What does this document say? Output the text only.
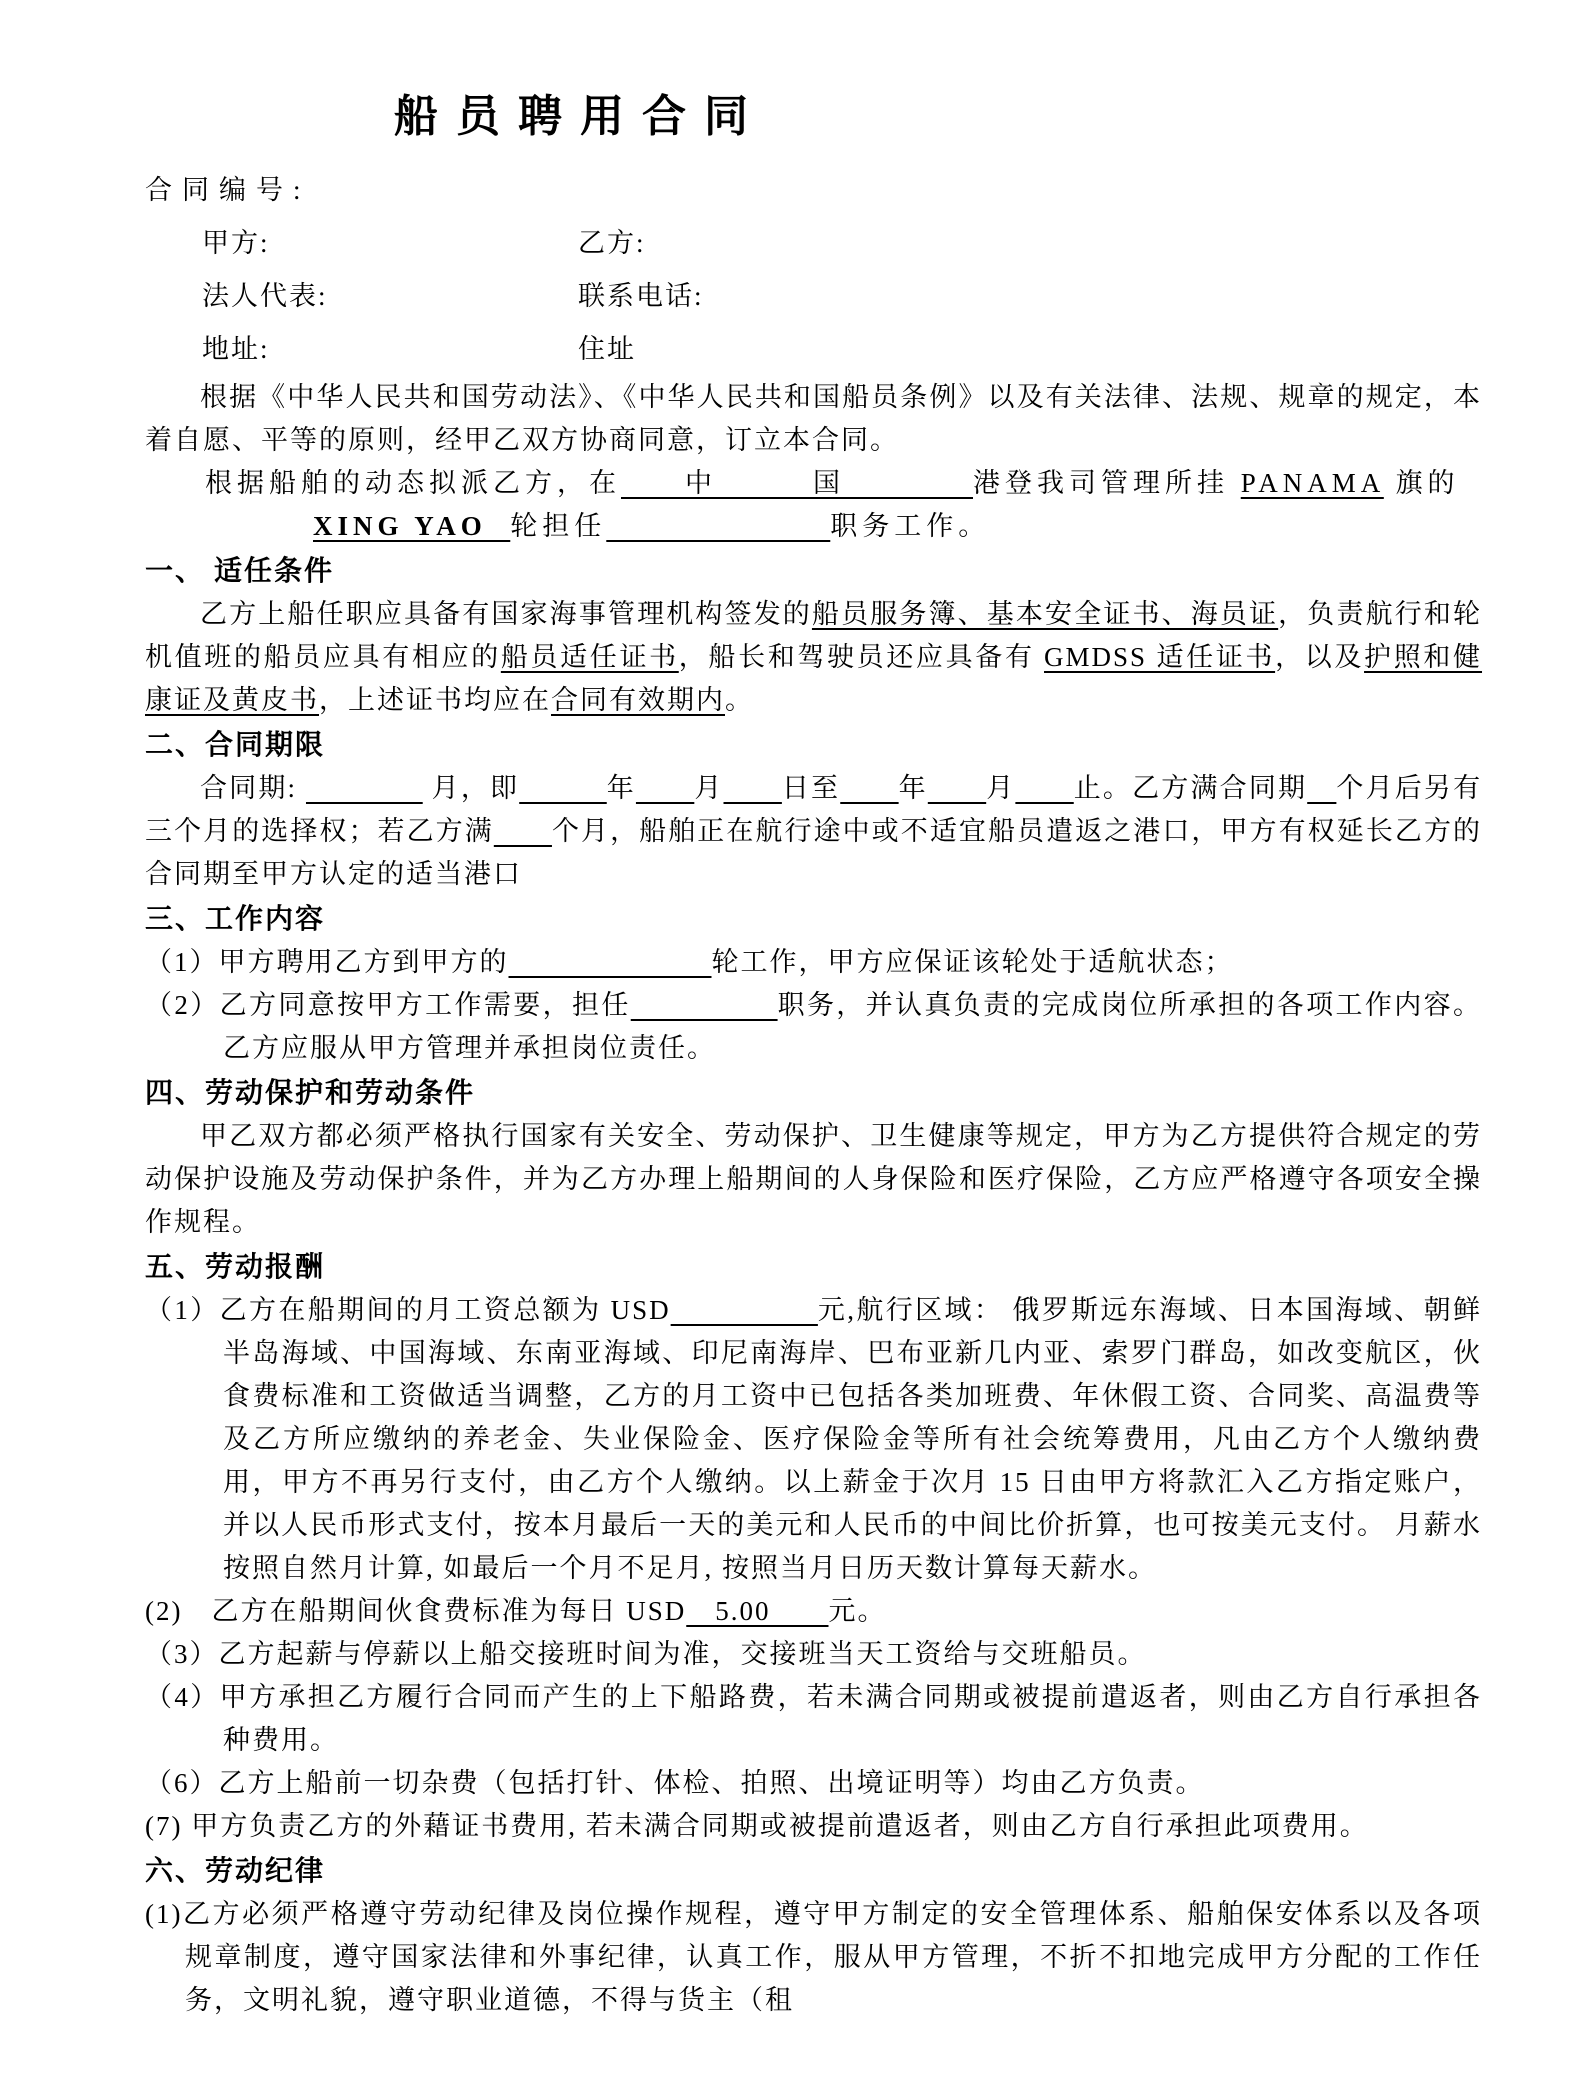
船员聘用合同
合同编号:
甲方:	乙方:
法人代表:	联系电话:
地址:	住址

根据《中华人民共和国劳动法》、《中华人民共和国船员条例》以及有关法律、法规、规章的规定，本着自愿、平等的原则，经甲乙双方协商同意，订立本合同。

根据船舶的动态拟派乙方，在　　中　　　国　　　　港登我司管理所挂 PANAMA 旗的

XING YAO  轮担任　　　　　　　	职务工作。

一、 适任条件

乙方上船任职应具备有国家海事管理机构签发的船员服务簿、基本安全证书、海员证，负责航行和轮机值班的船员应具有相应的船员适任证书，船长和驾驶员还应具备有 GMDSS 适任证书，以及护照和健康证及黄皮书，上述证书均应在合同有效期内。

二、合同期限

合同期: 　　　　	月，即　　　	年　　 月　　 日至　　 年　　 月　　 止。乙方满合同期　 个月后另有三个月的选择权；若乙方满　　 个月，船舶正在航行途中或不适宜船员遣返之港口，甲方有权延长乙方的合同期至甲方认定的适当港口

三、工作内容

（1）甲方聘用乙方到甲方的　　　　　　　	轮工作，甲方应保证该轮处于适航状态；

（2）乙方同意按甲方工作需要，担任　　　　　	职务，并认真负责的完成岗位所承担的各项工作内容。乙方应服从甲方管理并承担岗位责任。

四、劳动保护和劳动条件

甲乙双方都必须严格执行国家有关安全、劳动保护、卫生健康等规定，甲方为乙方提供符合规定的劳动保护设施及劳动保护条件，并为乙方办理上船期间的人身保险和医疗保险，乙方应严格遵守各项安全操作规程。

五、劳动报酬

（1）乙方在船期间的月工资总额为 USD　　　　　	元,航行区域： 俄罗斯远东海域、日本国海域、朝鲜半岛海域、中国海域、东南亚海域、印尼南海岸、巴布亚新几内亚、索罗门群岛，如改变航区，伙食费标准和工资做适当调整，乙方的月工资中已包括各类加班费、年休假工资、合同奖、高温费等及乙方所应缴纳的养老金、失业保险金、医疗保险金等所有社会统筹费用，凡由乙方个人缴纳费用，甲方不再另行支付，由乙方个人缴纳。以上薪金于次月 15 日由甲方将款汇入乙方指定账户，并以人民币形式支付，按本月最后一天的美元和人民币的中间比价折算，也可按美元支付。 月薪水按照自然月计算, 如最后一个月不足月, 按照当月日历天数计算每天薪水。

(2)　乙方在船期间伙食费标准为每日 USD　5.00　　元。

（3）乙方起薪与停薪以上船交接班时间为准，交接班当天工资给与交班船员。

（4）甲方承担乙方履行合同而产生的上下船路费，若未满合同期或被提前遣返者，则由乙方自行承担各种费用。

（6）乙方上船前一切杂费（包括打针、体检、拍照、出境证明等）均由乙方负责。

(7) 甲方负责乙方的外藉证书费用, 若未满合同期或被提前遣返者，则由乙方自行承担此项费用。

六、劳动纪律

(1)乙方必须严格遵守劳动纪律及岗位操作规程，遵守甲方制定的安全管理体系、船舶保安体系以及各项规章制度，遵守国家法律和外事纪律，认真工作，服从甲方管理，不折不扣地完成甲方分配的工作任务，文明礼貌，遵守职业道德，不得与货主（租
